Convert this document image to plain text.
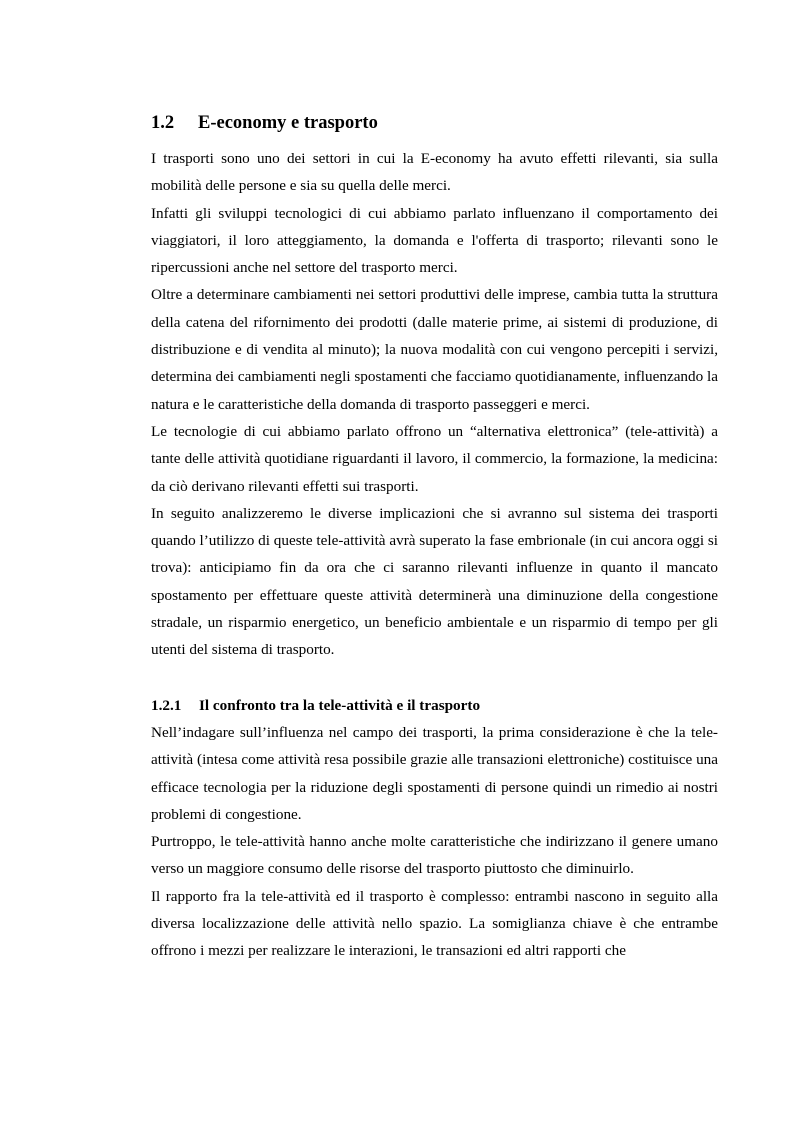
1.2	E-economy e trasporto

I trasporti sono uno dei settori in cui la E-economy ha avuto effetti rilevanti, sia sulla mobilità delle persone e sia su quella delle merci.

Infatti gli sviluppi tecnologici di cui abbiamo parlato influenzano il comportamento dei viaggiatori, il loro atteggiamento, la domanda e l'offerta di trasporto; rilevanti sono le ripercussioni anche nel settore del trasporto merci.

Oltre a determinare cambiamenti nei settori produttivi delle imprese, cambia tutta la struttura della catena del rifornimento dei prodotti (dalle materie prime, ai sistemi di produzione, di distribuzione e di vendita al minuto); la nuova modalità con cui vengono percepiti i servizi, determina dei cambiamenti negli spostamenti che facciamo quotidianamente, influenzando la natura e le caratteristiche della domanda di trasporto passeggeri e merci.

Le tecnologie di cui abbiamo parlato offrono un “alternativa elettronica” (tele-attività) a tante delle attività quotidiane riguardanti il lavoro, il commercio, la formazione, la medicina: da ciò derivano rilevanti effetti sui trasporti.

In seguito analizzeremo le diverse implicazioni che si avranno sul sistema dei trasporti quando l’utilizzo di queste tele-attività avrà superato la fase embrionale (in cui ancora oggi si trova): anticipiamo fin da ora che ci saranno rilevanti influenze in quanto il mancato spostamento per effettuare queste attività determinerà una diminuzione della congestione stradale, un risparmio energetico, un beneficio ambientale e un risparmio di tempo per gli utenti del sistema di trasporto.

1.2.1	Il confronto tra la tele-attività e il trasporto

Nell’indagare sull’influenza nel campo dei trasporti, la prima considerazione è che la tele-attività (intesa come attività resa possibile grazie alle transazioni elettroniche) costituisce una efficace tecnologia per la riduzione degli spostamenti di persone quindi un rimedio ai nostri problemi di congestione.

Purtroppo, le tele-attività hanno anche molte caratteristiche che indirizzano il genere umano verso un maggiore consumo delle risorse del trasporto piuttosto che diminuirlo.

Il rapporto fra la tele-attività ed il trasporto è complesso: entrambi nascono in seguito alla diversa localizzazione delle attività nello spazio. La somiglianza chiave è che entrambe offrono i mezzi per realizzare le interazioni, le transazioni ed altri rapporti che
